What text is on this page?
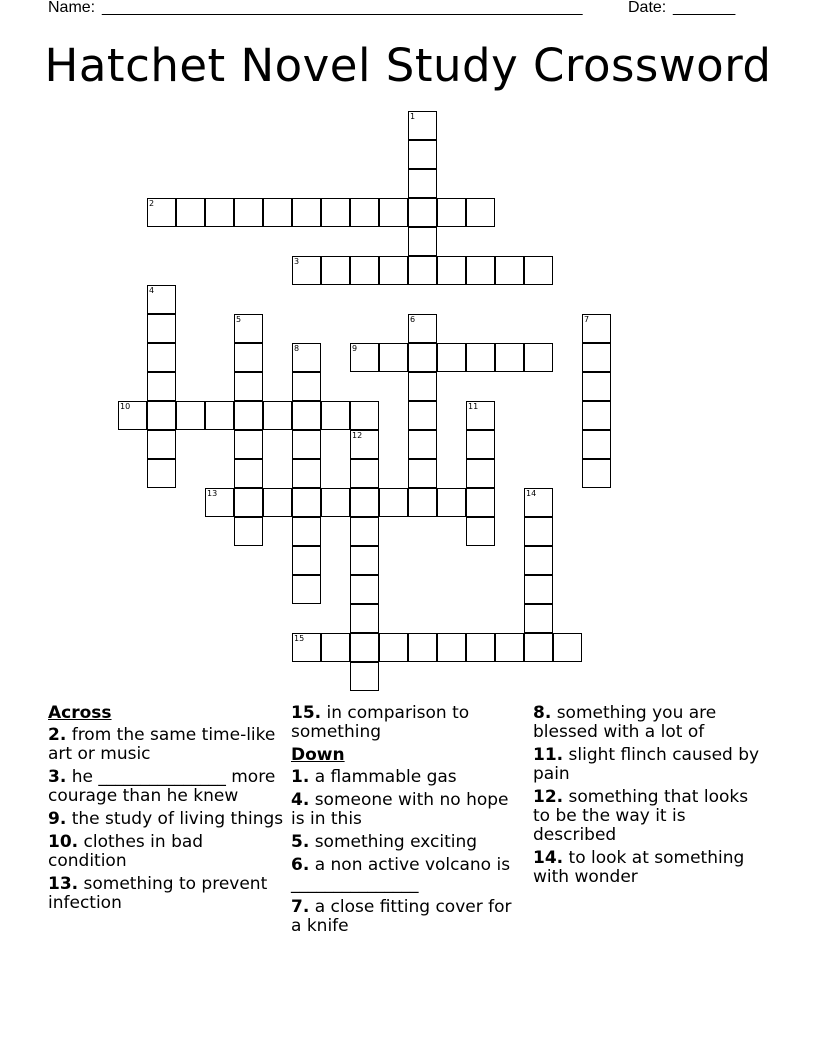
Name: ______________________________________________________	Date: _______
Hatchet Novel Study Crossword
1
2
3
4
5	6	7
8	9
10	11
12
13	14
15
Across
2. from the same time-like art or music
3. he _______________ more courage than he knew
9. the study of living things
10. clothes in bad condition
13. something to prevent infection
15. in comparison to something
Down
1. a flammable gas
4. someone with no hope is in this
5. something exciting
6. a non active volcano is _______________
7. a close fitting cover for a knife
8. something you are blessed with a lot of
11. slight flinch caused by pain
12. something that looks to be the way it is described
14. to look at something with wonder
